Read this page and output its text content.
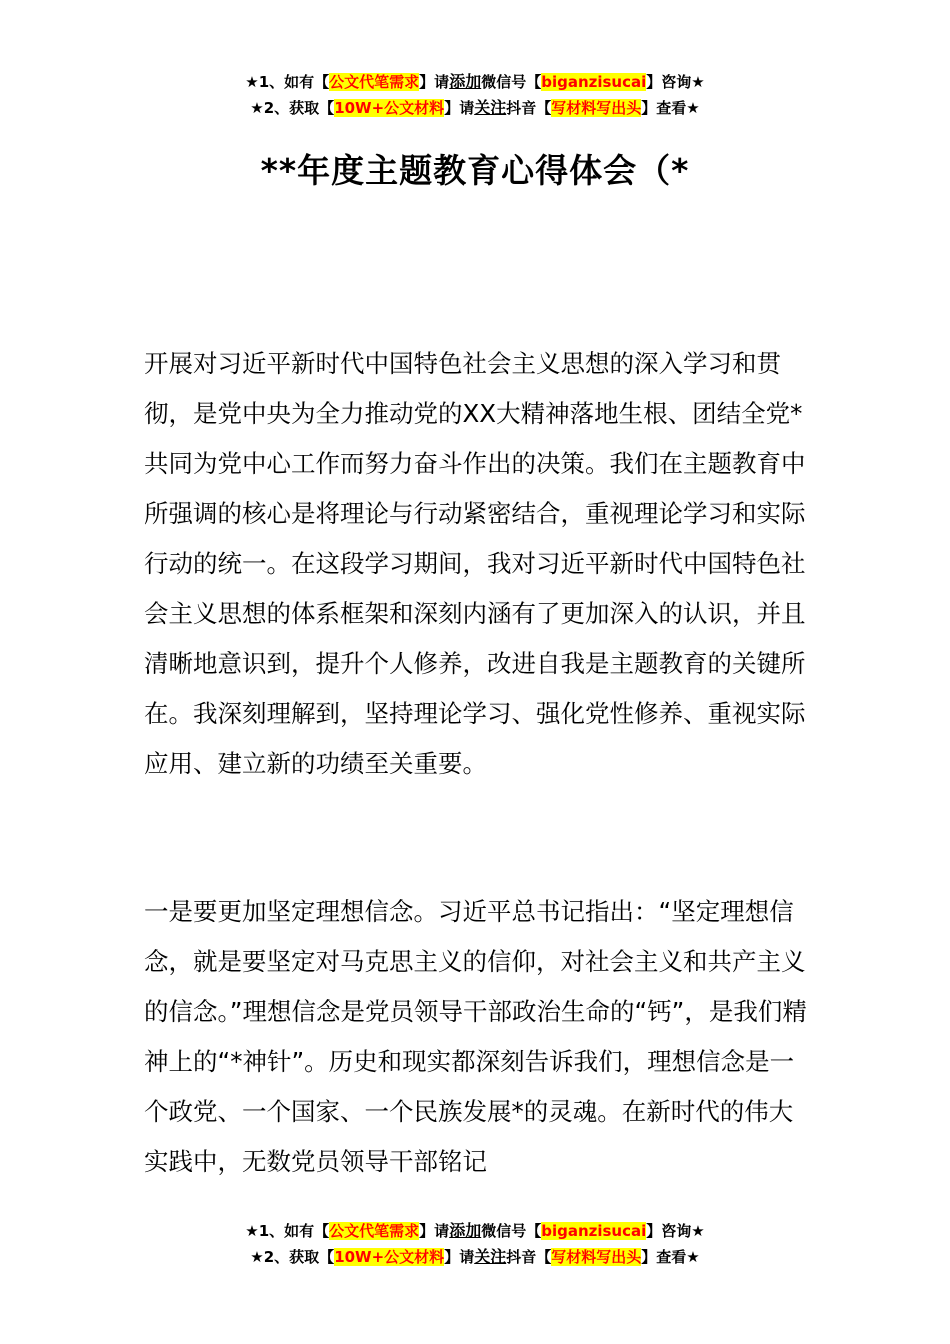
★1、如有【公文代笔需求】请添加微信号【biganzisucai】咨询★
★2、获取【10W+公文材料】请关注抖音【写材料写出头】查看★
**年度主题教育心得体会（*
开展对习近平新时代中国特色社会主义思想的深入学习和贯彻，是党中央为全力推动党的XX大精神落地生根、团结全党*共同为党中心工作而努力奋斗作出的决策。我们在主题教育中所强调的核心是将理论与行动紧密结合，重视理论学习和实际行动的统一。在这段学习期间，我对习近平新时代中国特色社会主义思想的体系框架和深刻内涵有了更加深入的认识，并且清晰地意识到，提升个人修养，改进自我是主题教育的关键所在。我深刻理解到，坚持理论学习、强化党性修养、重视实际应用、建立新的功绩至关重要。
一是要更加坚定理想信念。习近平总书记指出：“坚定理想信念，就是要坚定对马克思主义的信仰，对社会主义和共产主义的信念。”理想信念是党员领导干部政治生命的“钙”，是我们精神上的“*神针”。历史和现实都深刻告诉我们，理想信念是一个政党、一个国家、一个民族发展*的灵魂。在新时代的伟大实践中，无数党员领导干部铭记
★1、如有【公文代笔需求】请添加微信号【biganzisucai】咨询★
★2、获取【10W+公文材料】请关注抖音【写材料写出头】查看★
